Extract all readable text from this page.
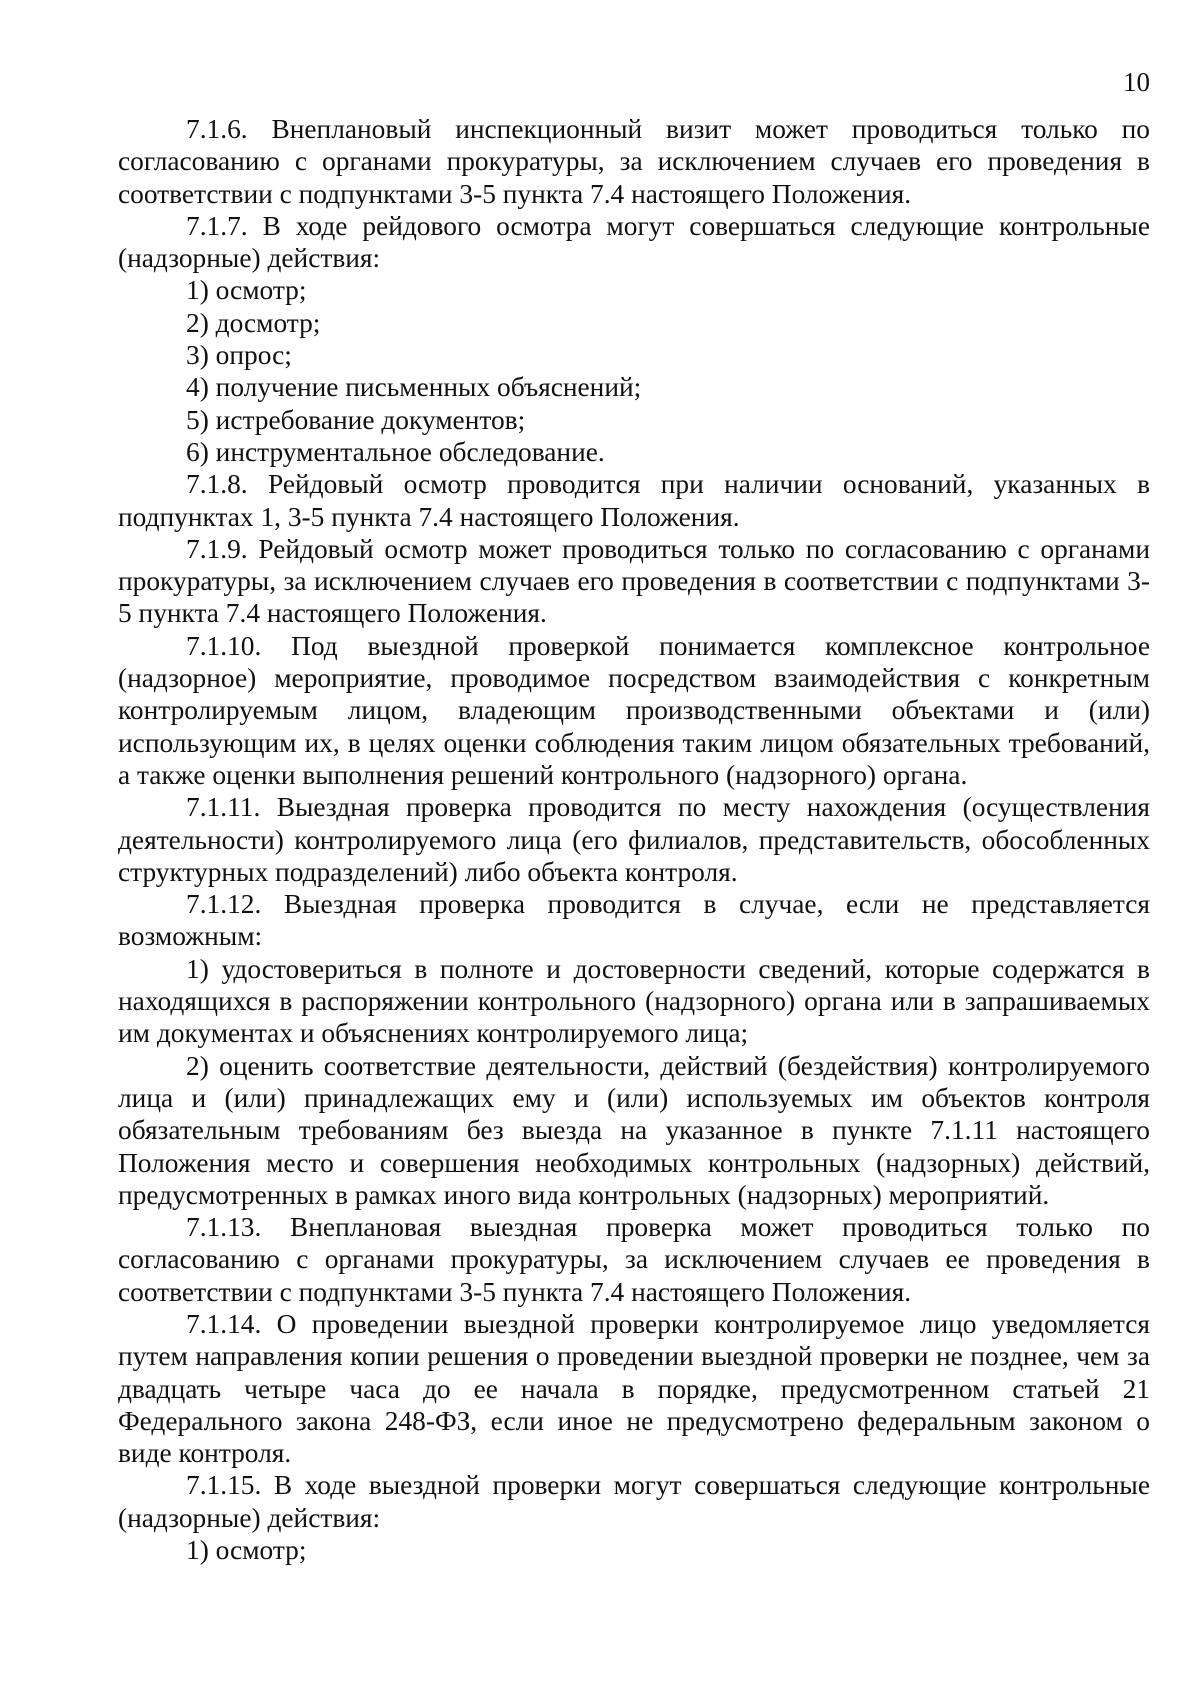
10

7.1.6. Внеплановый инспекционный визит может проводиться только по согласованию с органами прокуратуры, за исключением случаев его проведения в соответствии с подпунктами 3-5 пункта 7.4 настоящего Положения.

7.1.7. В ходе рейдового осмотра могут совершаться следующие контрольные (надзорные) действия:

1) осмотр;

2) досмотр;

3) опрос;

4) получение письменных объяснений;

5) истребование документов;

6) инструментальное обследование.

7.1.8. Рейдовый осмотр проводится при наличии оснований, указанных в подпунктах 1, 3-5 пункта 7.4 настоящего Положения.

7.1.9. Рейдовый осмотр может проводиться только по согласованию с органами прокуратуры, за исключением случаев его проведения в соответствии с подпунктами 3-5 пункта 7.4 настоящего Положения.

7.1.10. Под выездной проверкой понимается комплексное контрольное (надзорное) мероприятие, проводимое посредством взаимодействия с конкретным контролируемым лицом, владеющим производственными объектами и (или) использующим их, в целях оценки соблюдения таким лицом обязательных требований, а также оценки выполнения решений контрольного (надзорного) органа.

7.1.11. Выездная проверка проводится по месту нахождения (осуществления деятельности) контролируемого лица (его филиалов, представительств, обособленных структурных подразделений) либо объекта контроля.

7.1.12. Выездная проверка проводится в случае, если не представляется возможным:

1) удостовериться в полноте и достоверности сведений, которые содержатся в находящихся в распоряжении контрольного (надзорного) органа или в запрашиваемых им документах и объяснениях контролируемого лица;

2) оценить соответствие деятельности, действий (бездействия) контролируемого лица и (или) принадлежащих ему и (или) используемых им объектов контроля обязательным требованиям без выезда на указанное в пункте 7.1.11 настоящего Положения место и совершения необходимых контрольных (надзорных) действий, предусмотренных в рамках иного вида контрольных (надзорных) мероприятий.

7.1.13. Внеплановая выездная проверка может проводиться только по согласованию с органами прокуратуры, за исключением случаев ее проведения в соответствии с подпунктами 3-5 пункта 7.4 настоящего Положения.

7.1.14. О проведении выездной проверки контролируемое лицо уведомляется путем направления копии решения о проведении выездной проверки не позднее, чем за двадцать четыре часа до ее начала в порядке, предусмотренном статьей 21 Федерального закона 248-ФЗ, если иное не предусмотрено федеральным законом о виде контроля.

7.1.15. В ходе выездной проверки могут совершаться следующие контрольные (надзорные) действия:

1) осмотр;
